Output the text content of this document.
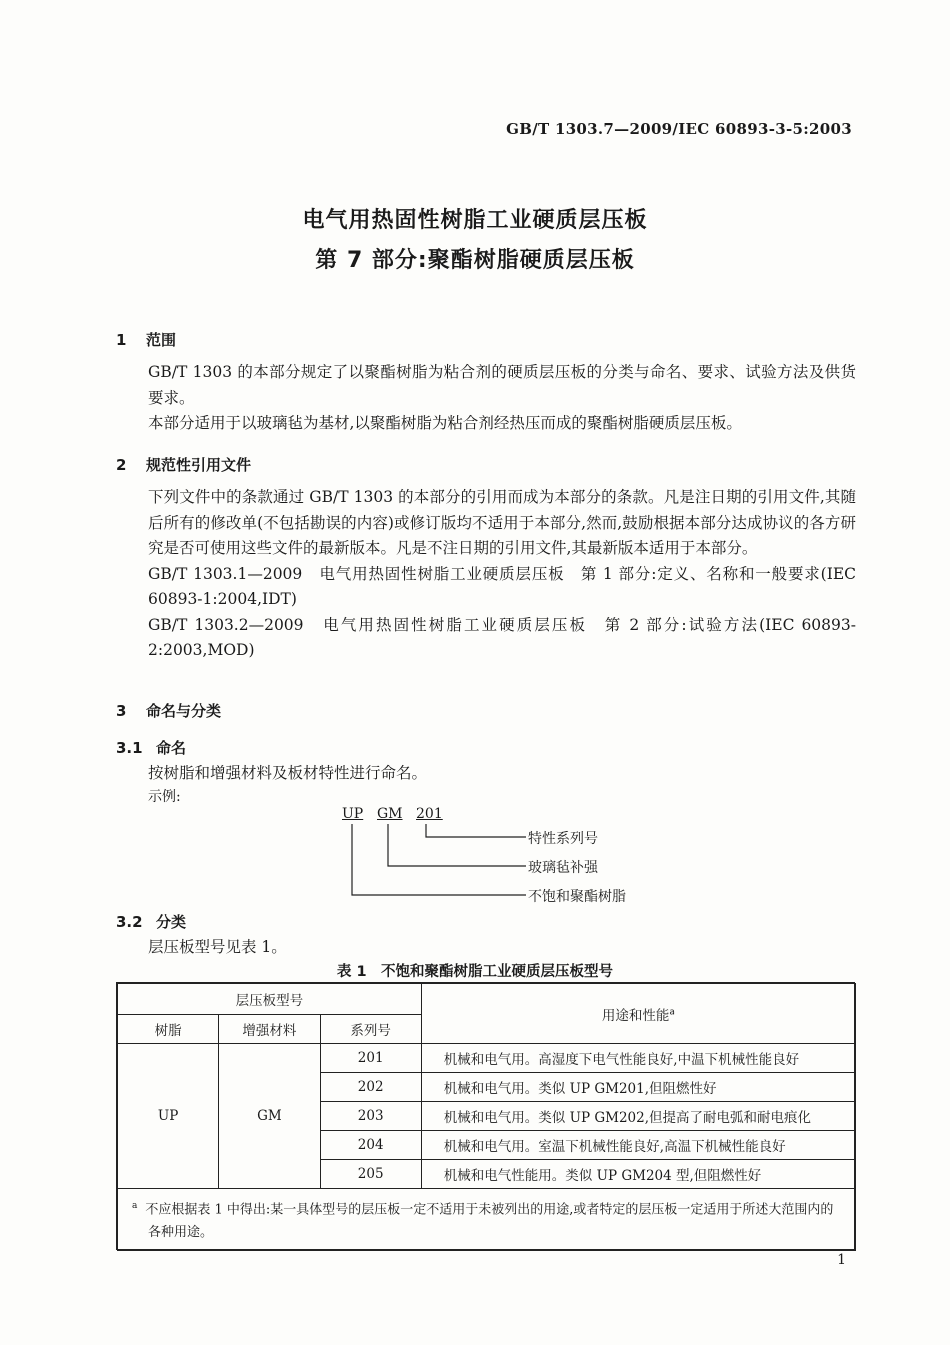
GB/T 1303.7—2009/IEC 60893-3-5:2003
电气用热固性树脂工业硬质层压板
第 7 部分:聚酯树脂硬质层压板
1 范围

GB/T 1303 的本部分规定了以聚酯树脂为粘合剂的硬质层压板的分类与命名、要求、试验方法及供货要求。

本部分适用于以玻璃毡为基材,以聚酯树脂为粘合剂经热压而成的聚酯树脂硬质层压板。

2 规范性引用文件

下列文件中的条款通过 GB/T 1303 的本部分的引用而成为本部分的条款。凡是注日期的引用文件,其随后所有的修改单(不包括勘误的内容)或修订版均不适用于本部分,然而,鼓励根据本部分达成协议的各方研究是否可使用这些文件的最新版本。凡是不注日期的引用文件,其最新版本适用于本部分。

GB/T 1303.1—2009　电气用热固性树脂工业硬质层压板　第 1 部分:定义、名称和一般要求(IEC 60893-1:2004,IDT)

GB/T 1303.2—2009　电气用热固性树脂工业硬质层压板　第 2 部分:试验方法(IEC 60893-2:2003,MOD)

3 命名与分类
3.1 命名
按树脂和增强材料及板材特性进行命名。
示例:
UP GM 201
特性系列号
玻璃毡补强
不饱和聚酯树脂
3.2 分类
层压板型号见表 1。
表 1　不饱和聚酯树脂工业硬质层压板型号
层压板型号			用途和性能$^a$
树脂	增强材料	系列号	
UP	GM	201	机械和电气用。高湿度下电气性能良好,中温下机械性能良好
		202	机械和电气用。类似 UP GM201,但阻燃性好
		203	机械和电气用。类似 UP GM202,但提高了耐电弧和耐电痕化
		204	机械和电气用。室温下机械性能良好,高温下机械性能良好
		205	机械和电气性能用。类似 UP GM204 型,但阻燃性好
$^a$ 不应根据表 1 中得出:某一具体型号的层压板一定不适用于未被列出的用途,或者特定的层压板一定适用于所述大范围内的各种用途。			
1
